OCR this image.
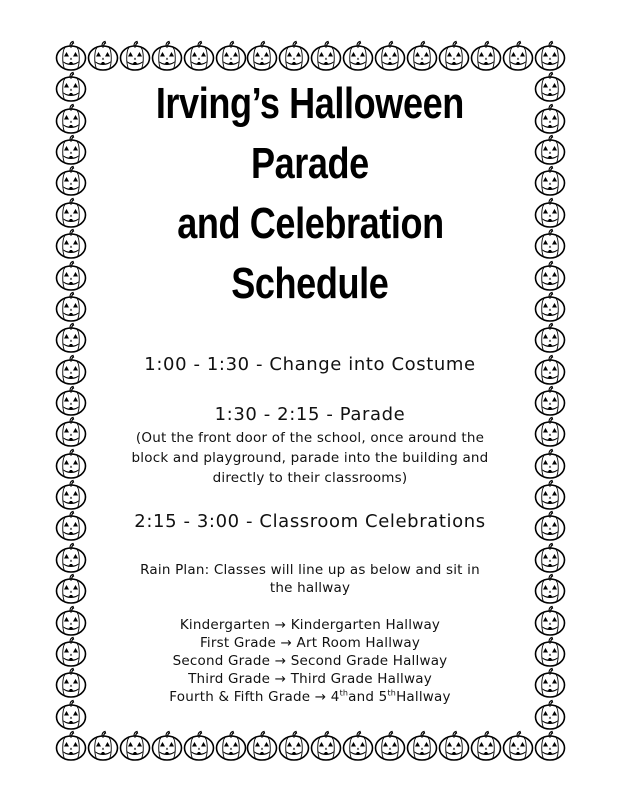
Irving’s Halloween
Parade
and Celebration
Schedule
1:00 - 1:30 - Change into Costume
1:30 - 2:15 - Parade
(Out the front door of the school, once around the
block and playground, parade into the building and
directly to their classrooms)
2:15 - 3:00 - Classroom Celebrations
Rain Plan: Classes will line up as below and sit in
the hallway
Kindergarten → Kindergarten Hallway
First Grade → Art Room Hallway
Second Grade → Second Grade Hallway
Third Grade → Third Grade Hallway
Fourth & Fifth Grade → 4thand 5thHallway
